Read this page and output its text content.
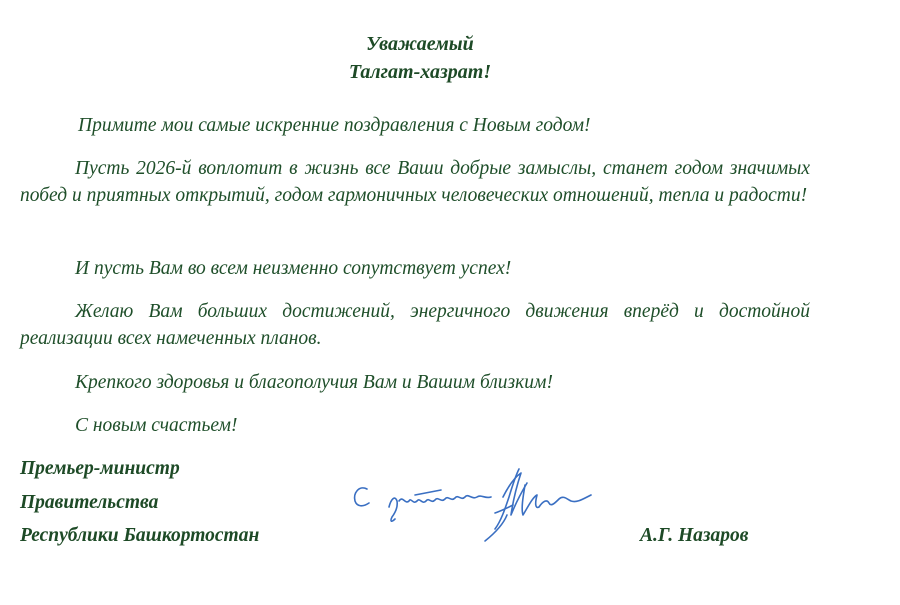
Уважаемый
Талгат-хазрат!
Примите мои самые искренние поздравления с Новым годом!
Пусть 2026-й воплотит в жизнь все Ваши добрые замыслы, станет годом значимых побед и приятных открытий, годом гармоничных человеческих отношений, тепла и радости!
И пусть Вам во всем неизменно сопутствует успех!
Желаю Вам больших достижений, энергичного движения вперёд и достойной реализации всех намеченных планов.
Крепкого здоровья и благополучия Вам и Вашим близким!
С новым счастьем!
Премьер-министр
Правительства
Республики Башкортостан	А.Г. Назаров
